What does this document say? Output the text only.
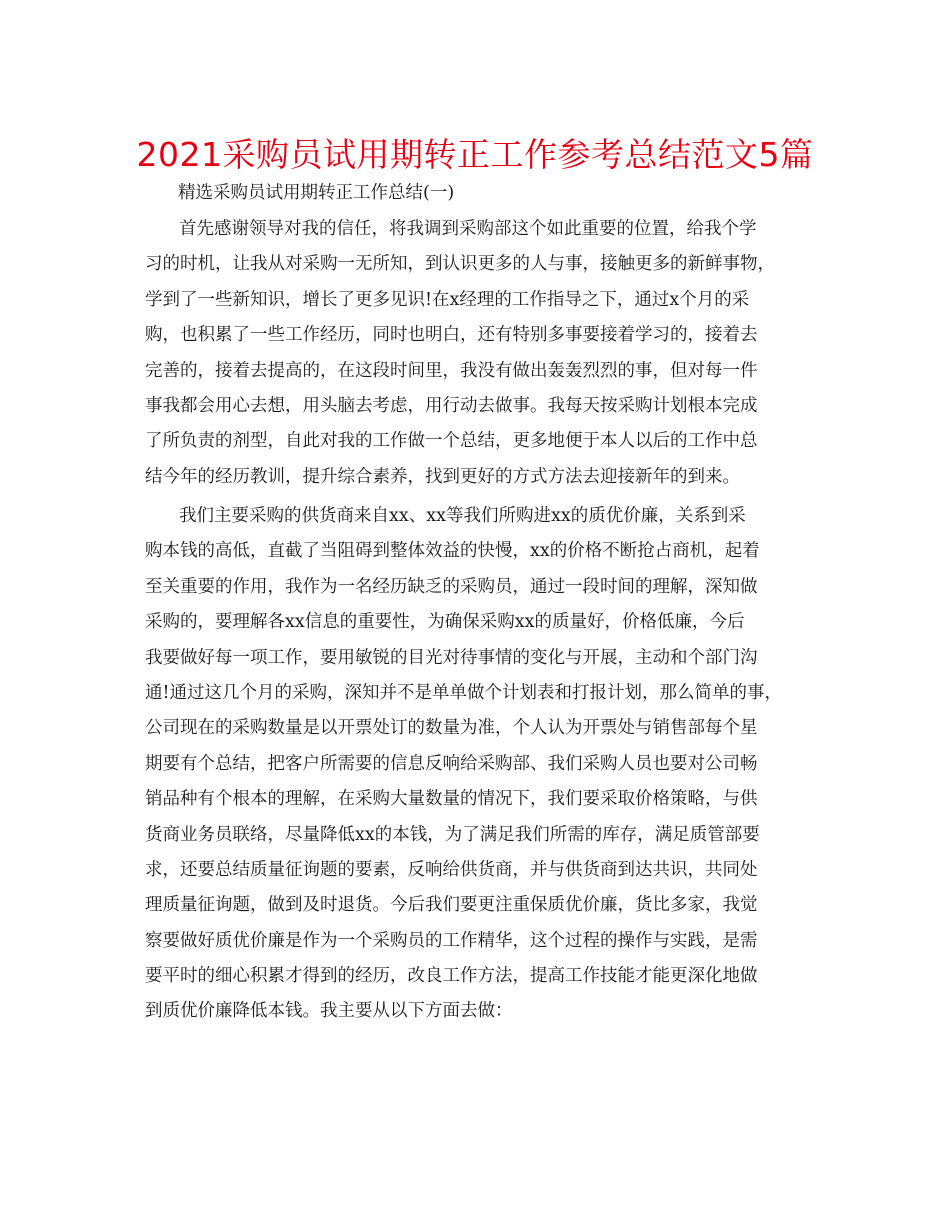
2021采购员试用期转正工作参考总结范文5篇
精选采购员试用期转正工作总结(一)
首先感谢领导对我的信任，将我调到采购部这个如此重要的位置，给我个学
习的时机，让我从对采购一无所知，到认识更多的人与事，接触更多的新鲜事物，
学到了一些新知识，增长了更多见识!在x经理的工作指导之下，通过x个月的采
购，也积累了一些工作经历，同时也明白，还有特别多事要接着学习的，接着去
完善的，接着去提高的，在这段时间里，我没有做出轰轰烈烈的事，但对每一件
事我都会用心去想，用头脑去考虑，用行动去做事。我每天按采购计划根本完成
了所负责的剂型，自此对我的工作做一个总结，更多地便于本人以后的工作中总
结今年的经历教训，提升综合素养，找到更好的方式方法去迎接新年的到来。
我们主要采购的供货商来自xx、xx等我们所购进xx的质优价廉，关系到采
购本钱的高低，直截了当阻碍到整体效益的快慢，xx的价格不断抢占商机，起着
至关重要的作用，我作为一名经历缺乏的采购员，通过一段时间的理解，深知做
采购的，要理解各xx信息的重要性，为确保采购xx的质量好，价格低廉，今后
我要做好每一项工作，要用敏锐的目光对待事情的变化与开展，主动和个部门沟
通!通过这几个月的采购，深知并不是单单做个计划表和打报计划，那么简单的事，
公司现在的采购数量是以开票处订的数量为准，个人认为开票处与销售部每个星
期要有个总结，把客户所需要的信息反响给采购部、我们采购人员也要对公司畅
销品种有个根本的理解，在采购大量数量的情况下，我们要采取价格策略，与供
货商业务员联络，尽量降低xx的本钱，为了满足我们所需的库存，满足质管部要
求，还要总结质量征询题的要素，反响给供货商，并与供货商到达共识，共同处
理质量征询题，做到及时退货。今后我们要更注重保质优价廉，货比多家，我觉
察要做好质优价廉是作为一个采购员的工作精华，这个过程的操作与实践，是需
要平时的细心积累才得到的经历，改良工作方法，提高工作技能才能更深化地做
到质优价廉降低本钱。我主要从以下方面去做：
